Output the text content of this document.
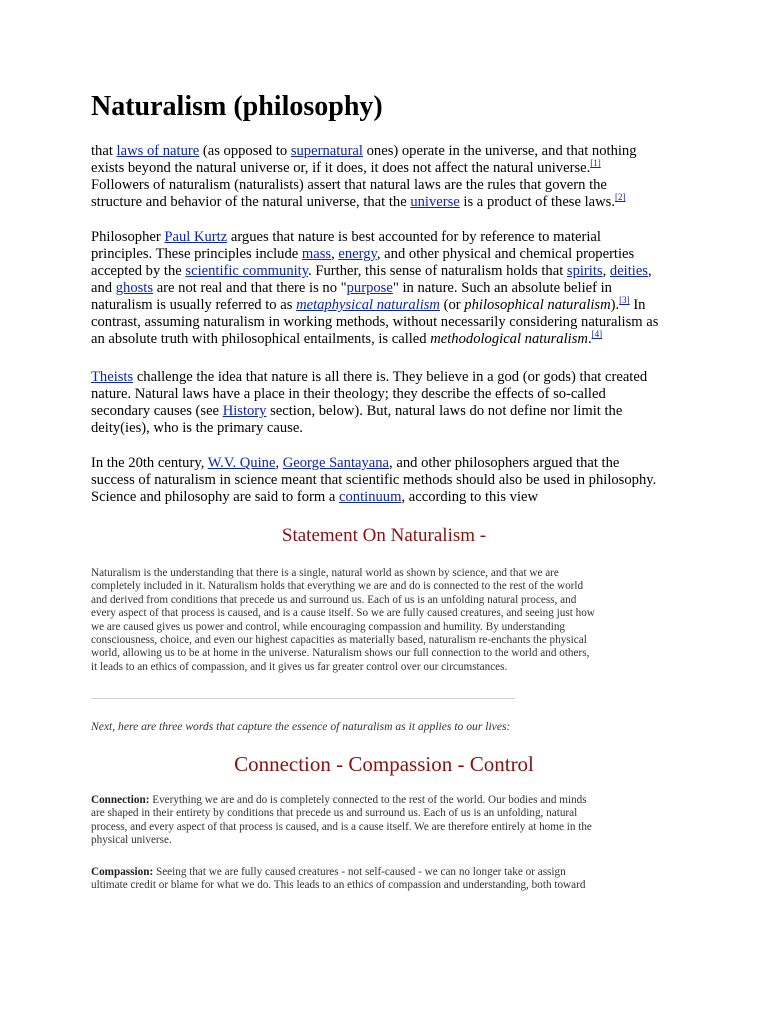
Naturalism (philosophy)
that laws of nature (as opposed to supernatural ones) operate in the universe, and that nothing
exists beyond the natural universe or, if it does, it does not affect the natural universe.[1]
Followers of naturalism (naturalists) assert that natural laws are the rules that govern the
structure and behavior of the natural universe, that the universe is a product of these laws.[2]
Philosopher Paul Kurtz argues that nature is best accounted for by reference to material
principles. These principles include mass, energy, and other physical and chemical properties
accepted by the scientific community. Further, this sense of naturalism holds that spirits, deities,
and ghosts are not real and that there is no "purpose" in nature. Such an absolute belief in
naturalism is usually referred to as metaphysical naturalism (or philosophical naturalism).[3] In
contrast, assuming naturalism in working methods, without necessarily considering naturalism as
an absolute truth with philosophical entailments, is called methodological naturalism.[4]
Theists challenge the idea that nature is all there is. They believe in a god (or gods) that created
nature. Natural laws have a place in their theology; they describe the effects of so-called
secondary causes (see History section, below). But, natural laws do not define nor limit the
deity(ies), who is the primary cause.
In the 20th century, W.V. Quine, George Santayana, and other philosophers argued that the
success of naturalism in science meant that scientific methods should also be used in philosophy.
Science and philosophy are said to form a continuum, according to this view
Statement On Naturalism -
Naturalism is the understanding that there is a single, natural world as shown by science, and that we are
completely included in it. Naturalism holds that everything we are and do is connected to the rest of the world
and derived from conditions that precede us and surround us. Each of us is an unfolding natural process, and
every aspect of that process is caused, and is a cause itself. So we are fully caused creatures, and seeing just how
we are caused gives us power and control, while encouraging compassion and humility. By understanding
consciousness, choice, and even our highest capacities as materially based, naturalism re-enchants the physical
world, allowing us to be at home in the universe. Naturalism shows our full connection to the world and others,
it leads to an ethics of compassion, and it gives us far greater control over our circumstances.

Next, here are three words that capture the essence of naturalism as it applies to our lives:

Connection - Compassion - Control
Connection: Everything we are and do is completely connected to the rest of the world. Our bodies and minds
are shaped in their entirety by conditions that precede us and surround us. Each of us is an unfolding, natural
process, and every aspect of that process is caused, and is a cause itself. We are therefore entirely at home in the
physical universe.
Compassion: Seeing that we are fully caused creatures - not self-caused - we can no longer take or assign
ultimate credit or blame for what we do. This leads to an ethics of compassion and understanding, both toward
